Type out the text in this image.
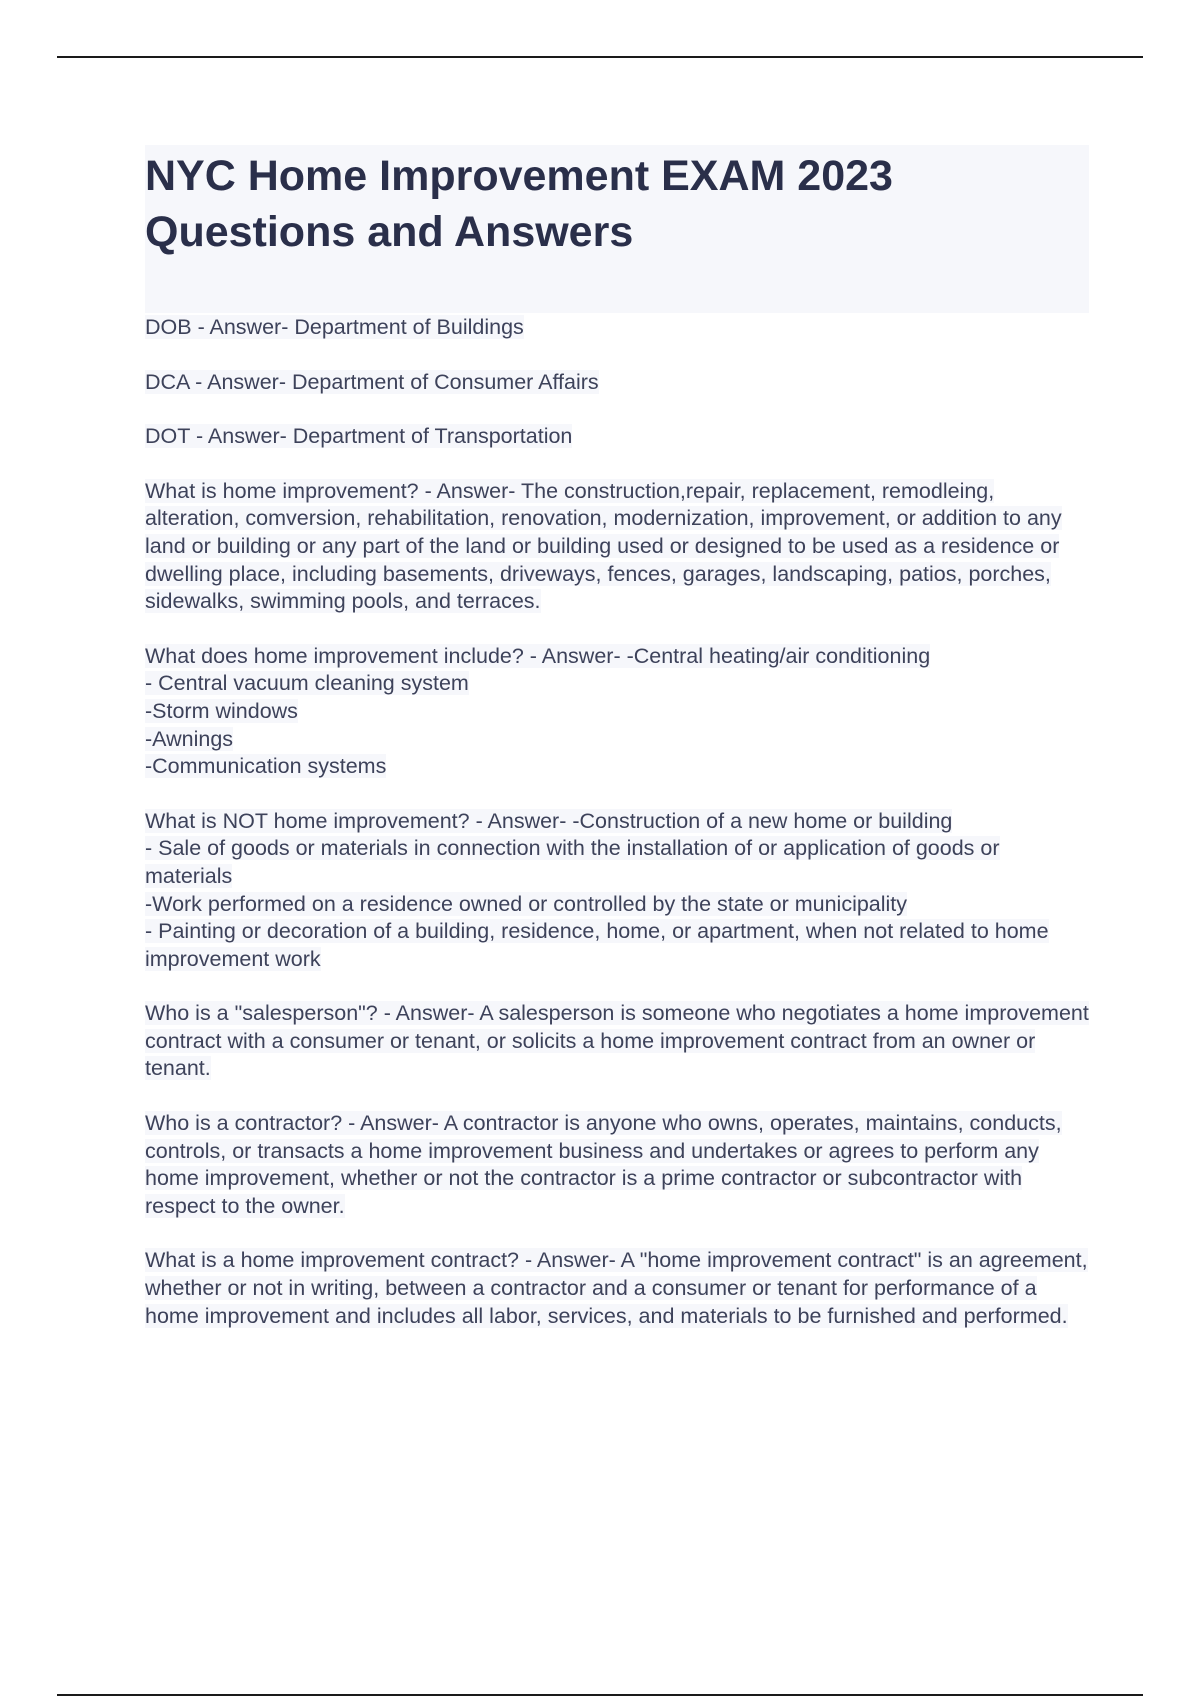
NYC Home Improvement EXAM 2023 Questions and Answers

DOB - Answer- Department of Buildings

DCA - Answer- Department of Consumer Affairs

DOT - Answer- Department of Transportation

What is home improvement? - Answer- The construction,repair, replacement, remodleing, alteration, comversion, rehabilitation, renovation, modernization, improvement, or addition to any land or building or any part of the land or building used or designed to be used as a residence or dwelling place, including basements, driveways, fences, garages, landscaping, patios, porches, sidewalks, swimming pools, and terraces.

What does home improvement include? - Answer- -Central heating/air conditioning
- Central vacuum cleaning system
-Storm windows
-Awnings
-Communication systems

What is NOT home improvement? - Answer- -Construction of a new home or building
- Sale of goods or materials in connection with the installation of or application of goods or materials
-Work performed on a residence owned or controlled by the state or municipality
- Painting or decoration of a building, residence, home, or apartment, when not related to home improvement work

Who is a "salesperson"? - Answer- A salesperson is someone who negotiates a home improvement contract with a consumer or tenant, or solicits a home improvement contract from an owner or tenant.

Who is a contractor? - Answer- A contractor is anyone who owns, operates, maintains, conducts, controls, or transacts a home improvement business and undertakes or agrees to perform any home improvement, whether or not the contractor is a prime contractor or subcontractor with respect to the owner.

What is a home improvement contract? - Answer- A "home improvement contract" is an agreement, whether or not in writing, between a contractor and a consumer or tenant for performance of a home improvement and includes all labor, services, and materials to be furnished and performed.
